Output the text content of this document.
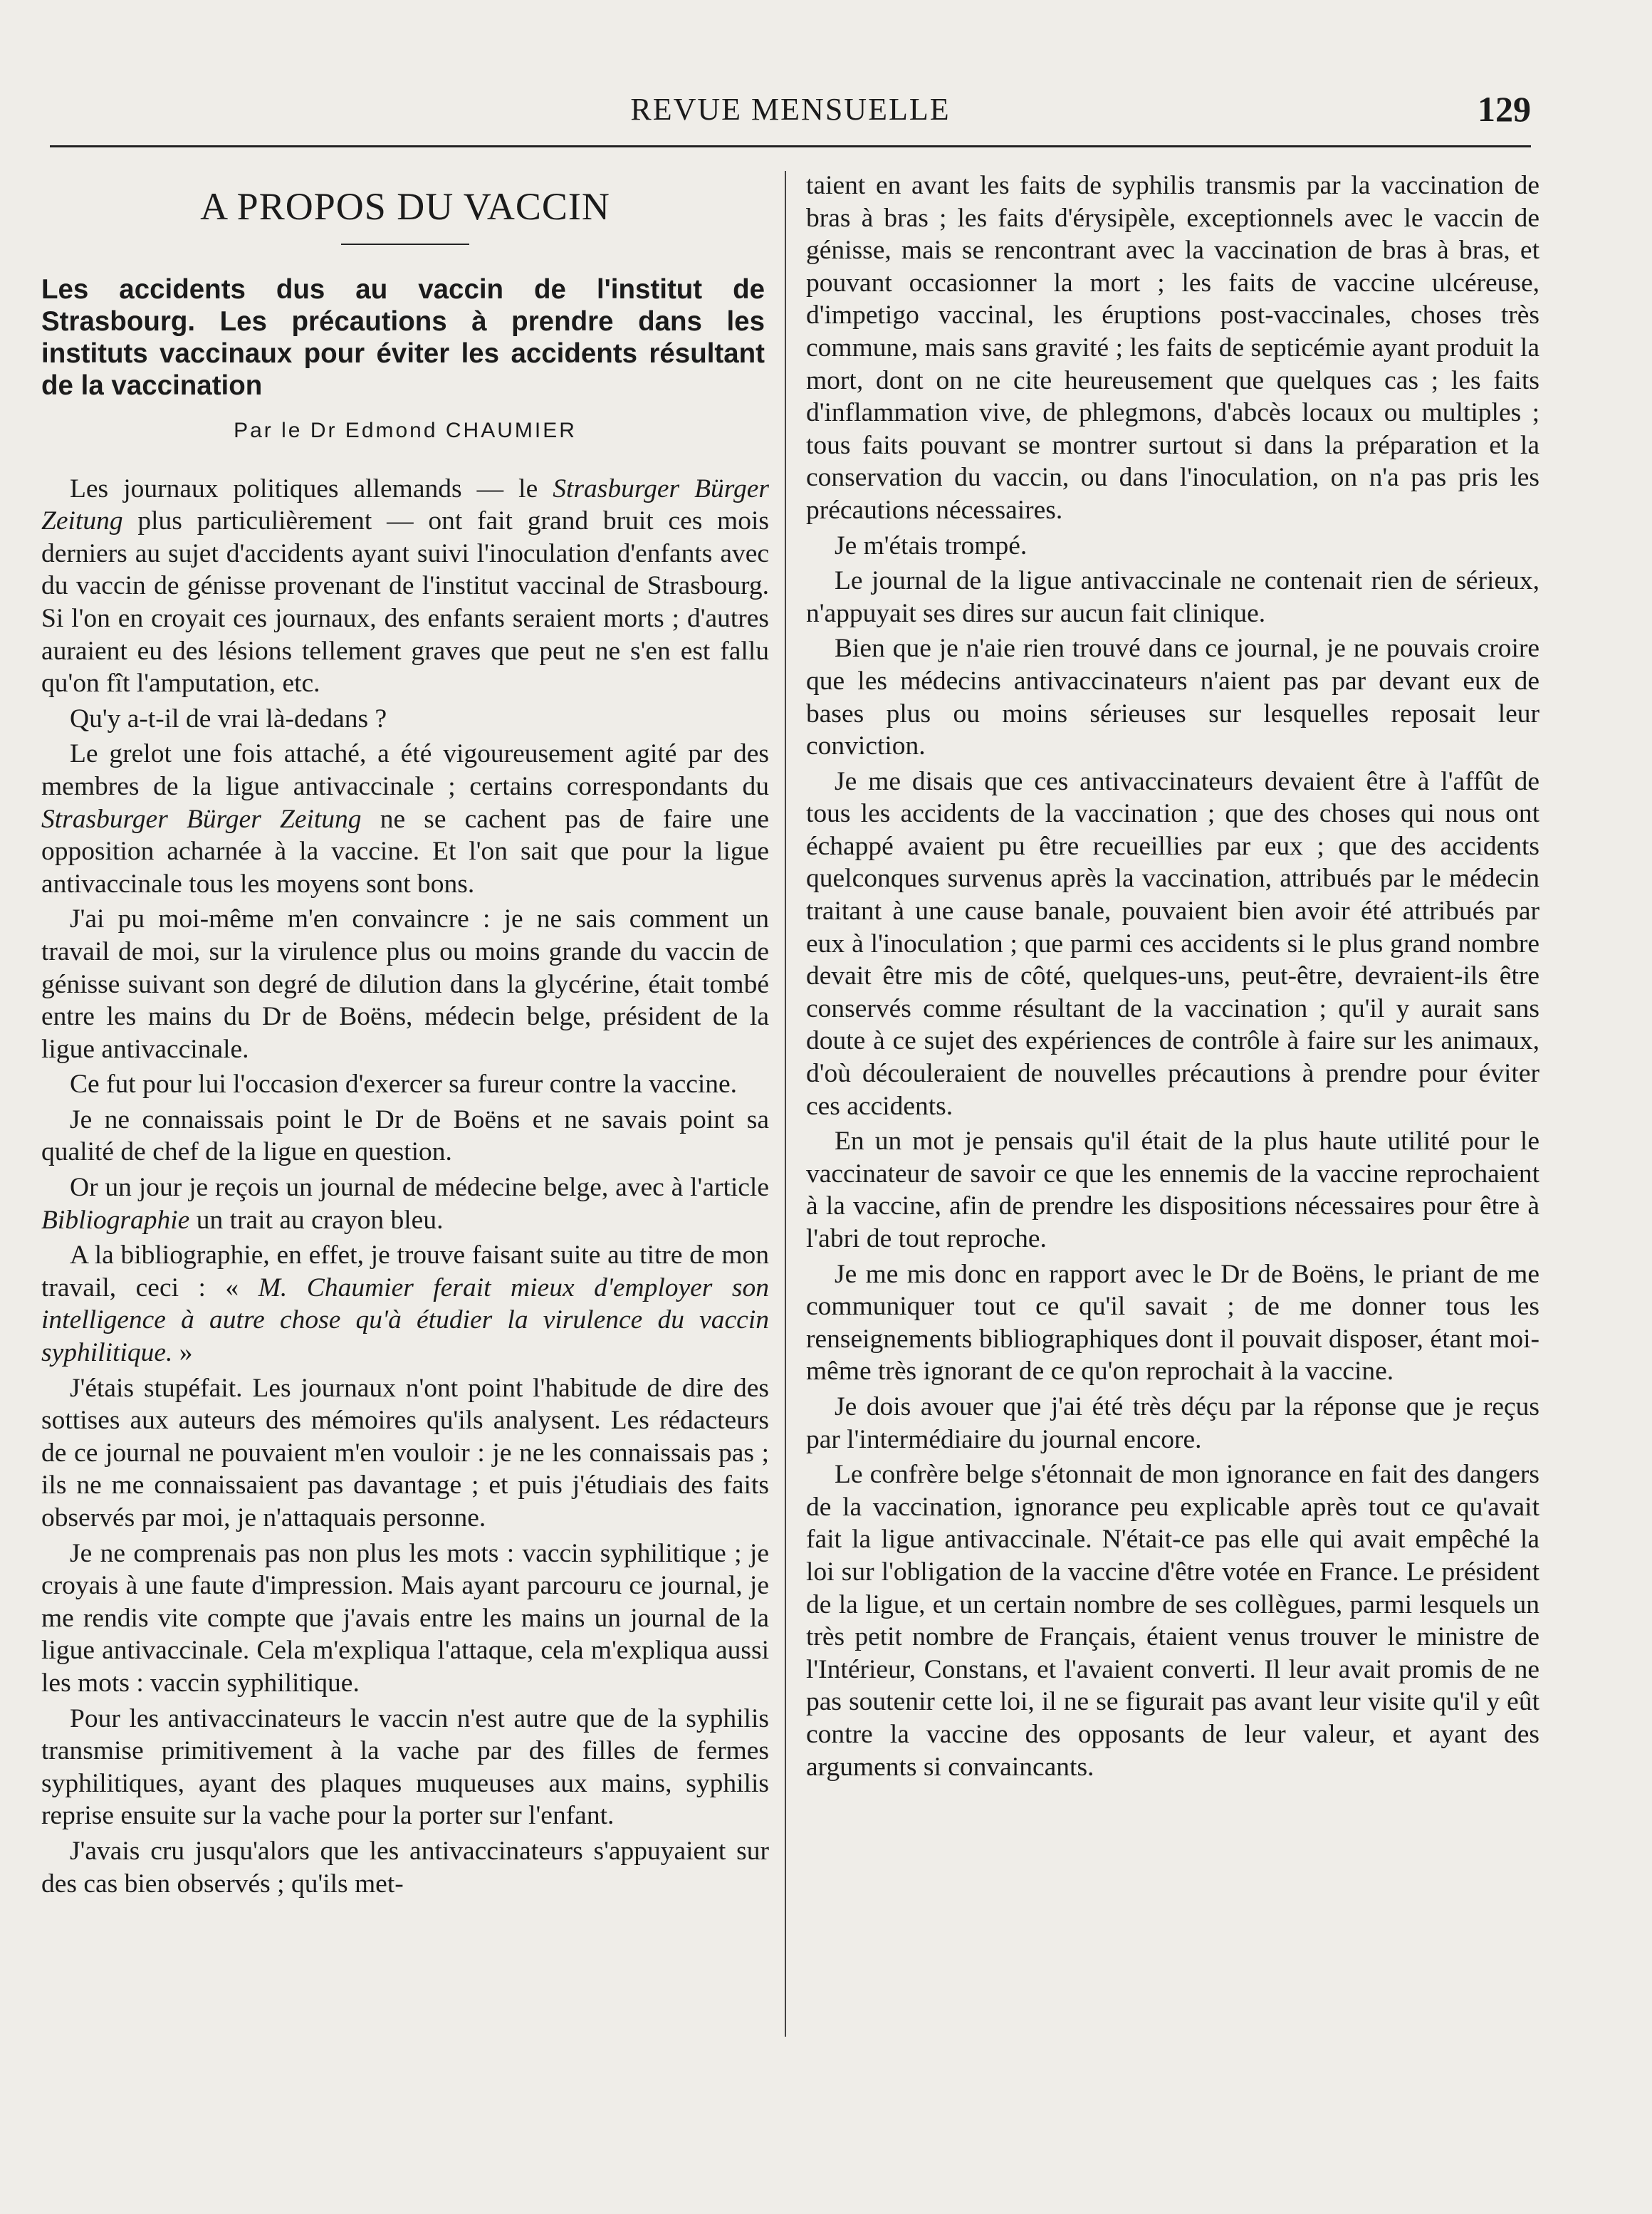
REVUE MENSUELLE	129
A PROPOS DU VACCIN
Les accidents dus au vaccin de l'institut de Strasbourg. Les précautions à prendre dans les instituts vaccinaux pour éviter les accidents résultant de la vaccination
Par le Dr Edmond CHAUMIER

Les journaux politiques allemands — le Strasburger Bürger Zeitung plus particulièrement — ont fait grand bruit ces mois derniers au sujet d'accidents ayant suivi l'inoculation d'enfants avec du vaccin de génisse provenant de l'institut vaccinal de Strasbourg. Si l'on en croyait ces journaux, des enfants seraient morts ; d'autres auraient eu des lésions tellement graves que peut ne s'en est fallu qu'on fît l'amputation, etc.

Qu'y a-t-il de vrai là-dedans ?

Le grelot une fois attaché, a été vigoureusement agité par des membres de la ligue antivaccinale ; certains correspondants du Strasburger Bürger Zeitung ne se cachent pas de faire une opposition acharnée à la vaccine. Et l'on sait que pour la ligue antivaccinale tous les moyens sont bons.

J'ai pu moi-même m'en convaincre : je ne sais comment un travail de moi, sur la virulence plus ou moins grande du vaccin de génisse suivant son degré de dilution dans la glycérine, était tombé entre les mains du Dr de Boëns, médecin belge, président de la ligue antivaccinale.

Ce fut pour lui l'occasion d'exercer sa fureur contre la vaccine.

Je ne connaissais point le Dr de Boëns et ne savais point sa qualité de chef de la ligue en question.

Or un jour je reçois un journal de médecine belge, avec à l'article Bibliographie un trait au crayon bleu.

A la bibliographie, en effet, je trouve faisant suite au titre de mon travail, ceci : « M. Chaumier ferait mieux d'employer son intelligence à autre chose qu'à étudier la virulence du vaccin syphilitique. »

J'étais stupéfait. Les journaux n'ont point l'habitude de dire des sottises aux auteurs des mémoires qu'ils analysent. Les rédacteurs de ce journal ne pouvaient m'en vouloir : je ne les connaissais pas ; ils ne me connaissaient pas davantage ; et puis j'étudiais des faits observés par moi, je n'attaquais personne.

Je ne comprenais pas non plus les mots : vaccin syphilitique ; je croyais à une faute d'impression. Mais ayant parcouru ce journal, je me rendis vite compte que j'avais entre les mains un journal de la ligue antivaccinale. Cela m'expliqua l'attaque, cela m'expliqua aussi les mots : vaccin syphilitique.

Pour les antivaccinateurs le vaccin n'est autre que de la syphilis transmise primitivement à la vache par des filles de fermes syphilitiques, ayant des plaques muqueuses aux mains, syphilis reprise ensuite sur la vache pour la porter sur l'enfant.

J'avais cru jusqu'alors que les antivaccinateurs s'appuyaient sur des cas bien observés ; qu'ils met-

taient en avant les faits de syphilis transmis par la vaccination de bras à bras ; les faits d'érysipèle, exceptionnels avec le vaccin de génisse, mais se rencontrant avec la vaccination de bras à bras, et pouvant occasionner la mort ; les faits de vaccine ulcéreuse, d'impetigo vaccinal, les éruptions post-vaccinales, choses très commune, mais sans gravité ; les faits de septicémie ayant produit la mort, dont on ne cite heureusement que quelques cas ; les faits d'inflammation vive, de phlegmons, d'abcès locaux ou multiples ; tous faits pouvant se montrer surtout si dans la préparation et la conservation du vaccin, ou dans l'inoculation, on n'a pas pris les précautions nécessaires.

Je m'étais trompé.

Le journal de la ligue antivaccinale ne contenait rien de sérieux, n'appuyait ses dires sur aucun fait clinique.

Bien que je n'aie rien trouvé dans ce journal, je ne pouvais croire que les médecins antivaccinateurs n'aient pas par devant eux de bases plus ou moins sérieuses sur lesquelles reposait leur conviction.

Je me disais que ces antivaccinateurs devaient être à l'affût de tous les accidents de la vaccination ; que des choses qui nous ont échappé avaient pu être recueillies par eux ; que des accidents quelconques survenus après la vaccination, attribués par le médecin traitant à une cause banale, pouvaient bien avoir été attribués par eux à l'inoculation ; que parmi ces accidents si le plus grand nombre devait être mis de côté, quelques-uns, peut-être, devraient-ils être conservés comme résultant de la vaccination ; qu'il y aurait sans doute à ce sujet des expériences de contrôle à faire sur les animaux, d'où découleraient de nouvelles précautions à prendre pour éviter ces accidents.

En un mot je pensais qu'il était de la plus haute utilité pour le vaccinateur de savoir ce que les ennemis de la vaccine reprochaient à la vaccine, afin de prendre les dispositions nécessaires pour être à l'abri de tout reproche.

Je me mis donc en rapport avec le Dr de Boëns, le priant de me communiquer tout ce qu'il savait ; de me donner tous les renseignements bibliographiques dont il pouvait disposer, étant moi-même très ignorant de ce qu'on reprochait à la vaccine.

Je dois avouer que j'ai été très déçu par la réponse que je reçus par l'intermédiaire du journal encore.

Le confrère belge s'étonnait de mon ignorance en fait des dangers de la vaccination, ignorance peu explicable après tout ce qu'avait fait la ligue antivaccinale. N'était-ce pas elle qui avait empêché la loi sur l'obligation de la vaccine d'être votée en France. Le président de la ligue, et un certain nombre de ses collègues, parmi lesquels un très petit nombre de Français, étaient venus trouver le ministre de l'Intérieur, Constans, et l'avaient converti. Il leur avait promis de ne pas soutenir cette loi, il ne se figurait pas avant leur visite qu'il y eût contre la vaccine des opposants de leur valeur, et ayant des arguments si convaincants.
